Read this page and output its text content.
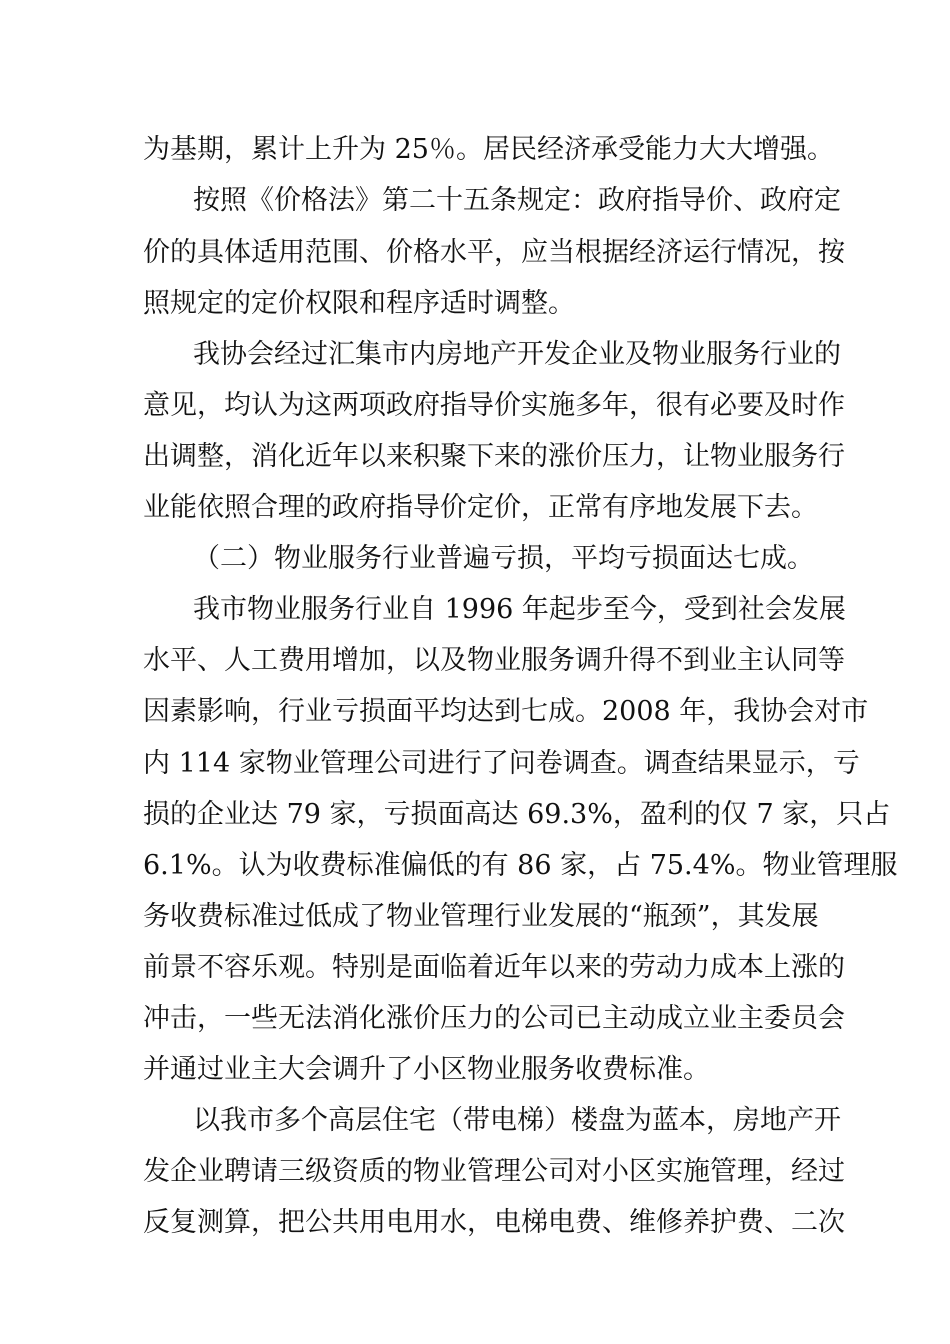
为基期，累计上升为 25％。居民经济承受能力大大增强。
按照《价格法》第二十五条规定：政府指导价、政府定
价的具体适用范围、价格水平，应当根据经济运行情况，按
照规定的定价权限和程序适时调整。
我协会经过汇集市内房地产开发企业及物业服务行业的
意见，均认为这两项政府指导价实施多年，很有必要及时作
出调整，消化近年以来积聚下来的涨价压力，让物业服务行
业能依照合理的政府指导价定价，正常有序地发展下去。
（二）物业服务行业普遍亏损，平均亏损面达七成。
我市物业服务行业自 1996 年起步至今，受到社会发展
水平、人工费用增加，以及物业服务调升得不到业主认同等
因素影响，行业亏损面平均达到七成。2008 年，我协会对市
内 114 家物业管理公司进行了问卷调查。调查结果显示，亏
损的企业达 79 家，亏损面高达 69.3%，盈利的仅 7 家，只占
6.1%。认为收费标准偏低的有 86 家，占 75.4%。物业管理服
务收费标准过低成了物业管理行业发展的“瓶颈”，其发展
前景不容乐观。特别是面临着近年以来的劳动力成本上涨的
冲击，一些无法消化涨价压力的公司已主动成立业主委员会
并通过业主大会调升了小区物业服务收费标准。
以我市多个高层住宅（带电梯）楼盘为蓝本，房地产开
发企业聘请三级资质的物业管理公司对小区实施管理，经过
反复测算，把公共用电用水，电梯电费、维修养护费、二次
